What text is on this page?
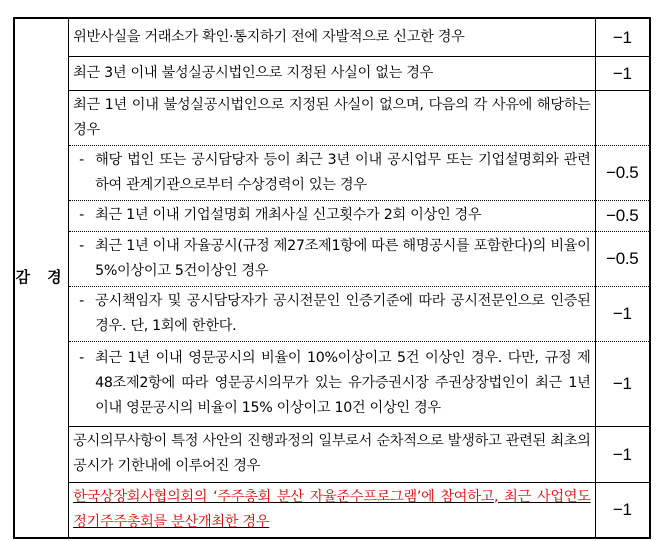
감 경	위반사실을 거래소가 확인·통지하기 전에 자발적으로 신고한 경우	−1
	최근 3년 이내 불성실공시법인으로 지정된 사실이 없는 경우	−1
	최근 1년 이내 불성실공시법인으로 지정된 사실이 없으며, 다음의 각 사유에 해당하는 경우	
	- 해당 법인 또는 공시담당자 등이 최근 3년 이내 공시업무 또는 기업설명회와 관련하여 관계기관으로부터 수상경력이 있는 경우	−0.5
	- 최근 1년 이내 기업설명회 개최사실 신고횟수가 2회 이상인 경우	−0.5
	- 최근 1년 이내 자율공시(규정 제27조제1항에 따른 해명공시를 포함한다)의 비율이 5%이상이고 5건이상인 경우	−0.5
	- 공시책임자 및 공시담당자가 공시전문인 인증기준에 따라 공시전문인으로 인증된 경우. 단, 1회에 한한다.	−1
	- 최근 1년 이내 영문공시의 비율이 10%이상이고 5건 이상인 경우. 다만, 규정 제48조제2항에 따라 영문공시의무가 있는 유가증권시장 주권상장법인이 최근 1년 이내 영문공시의 비율이 15% 이상이고 10건 이상인 경우	−1
	공시의무사항이 특정 사안의 진행과정의 일부로서 순차적으로 발생하고 관련된 최초의 공시가 기한내에 이루어진 경우	−1
	한국상장회사협의회의 ‘주주총회 분산 자율준수프로그램’에 참여하고, 최근 사업연도 정기주주총회를 분산개최한 경우	−1
